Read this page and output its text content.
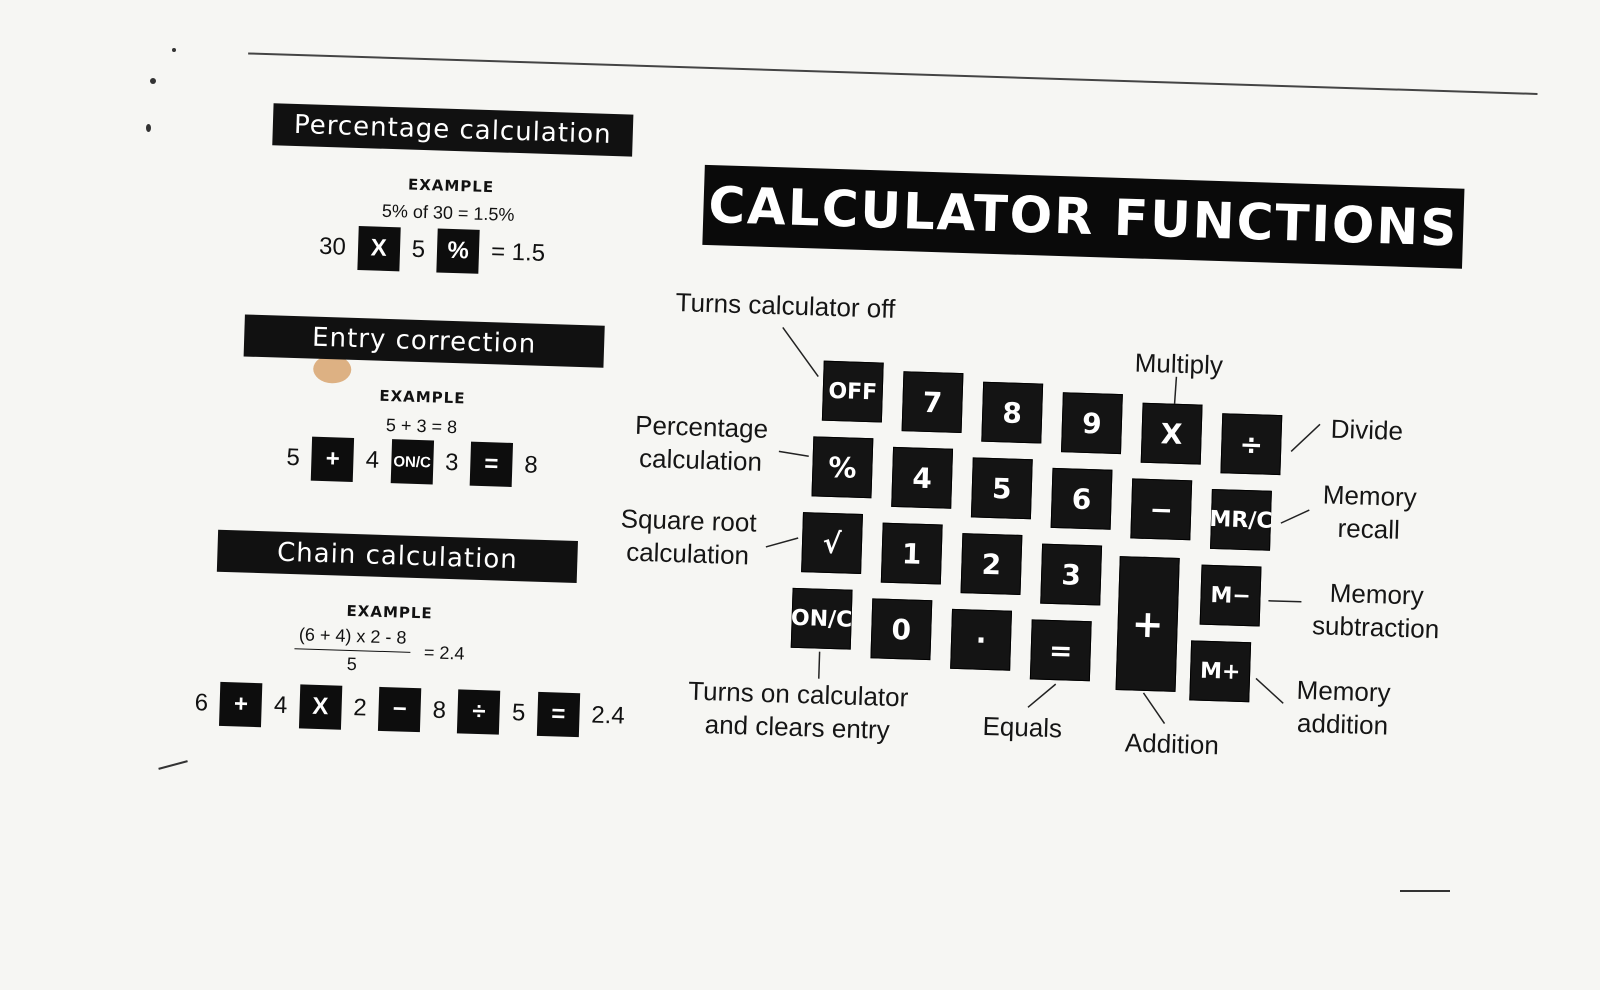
Percentage calculation
EXAMPLE
5% of 30 = 1.5%
30	X	5 % = 1.5
Entry correction
EXAMPLE
5 + 3 = 8
5	+	4 ON/C 3	=	8
Chain calculation
EXAMPLE
$\frac{(6 + 4) x 2 - 8}{5} = 2.4$
6	+	4	X	2	−	8	÷	5	=	2.4
CALCULATOR FUNCTIONS
OFF	7	8	9	X	÷
%	4	5	6	−	MR/C
√	1	2	3
+
M−
ON/C	0	·	=
M+
Turns calculator off
Multiply
Divide
Percentage
calculation
Memory
recall
Square root
calculation
Memory
subtraction
Memory
addition
Turns on calculator
and clears entry	Equals
Addition
